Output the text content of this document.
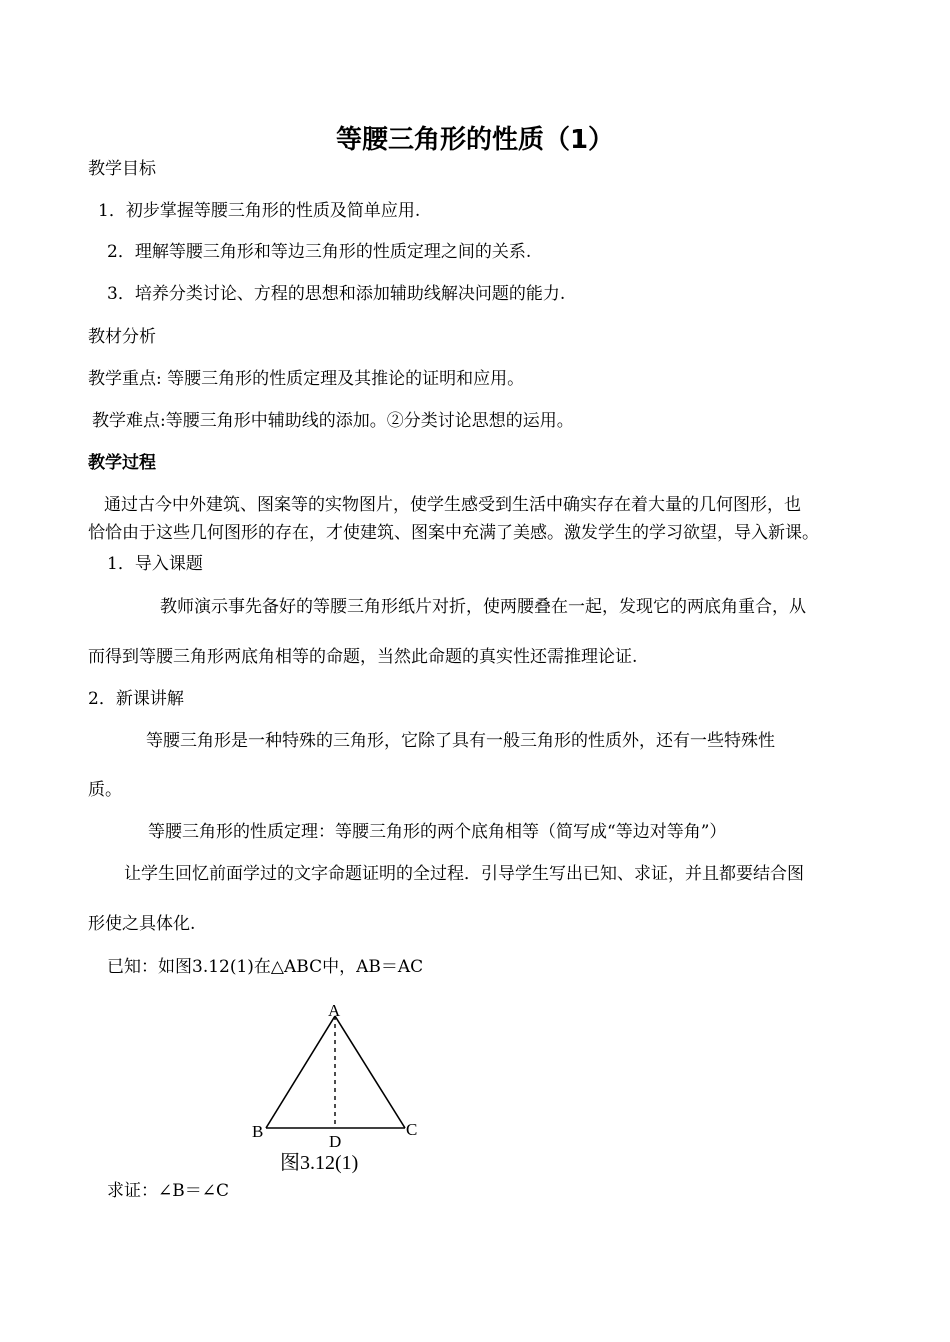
等腰三角形的性质（1）
教学目标
1．初步掌握等腰三角形的性质及简单应用.
2．理解等腰三角形和等边三角形的性质定理之间的关系.
3．培养分类讨论、方程的思想和添加辅助线解决问题的能力.
教材分析
教学重点: 等腰三角形的性质定理及其推论的证明和应用。
教学难点:等腰三角形中辅助线的添加。②分类讨论思想的运用。
教学过程
通过古今中外建筑、图案等的实物图片，使学生感受到生活中确实存在着大量的几何图形，也
恰恰由于这些几何图形的存在，才使建筑、图案中充满了美感。激发学生的学习欲望，导入新课。
1．导入课题
教师演示事先备好的等腰三角形纸片对折，使两腰叠在一起，发现它的两底角重合，从
而得到等腰三角形两底角相等的命题，当然此命题的真实性还需推理论证.
2．新课讲解
等腰三角形是一种特殊的三角形，它除了具有一般三角形的性质外，还有一些特殊性
质。
等腰三角形的性质定理：等腰三角形的两个底角相等（简写成“等边对等角”）
让学生回忆前面学过的文字命题证明的全过程．引导学生写出已知、求证，并且都要结合图
形使之具体化.
已知：如图3.12(1)在△ABC中，AB＝AC
A
B	C
D
图3.12(1)
求证：∠B＝∠C
